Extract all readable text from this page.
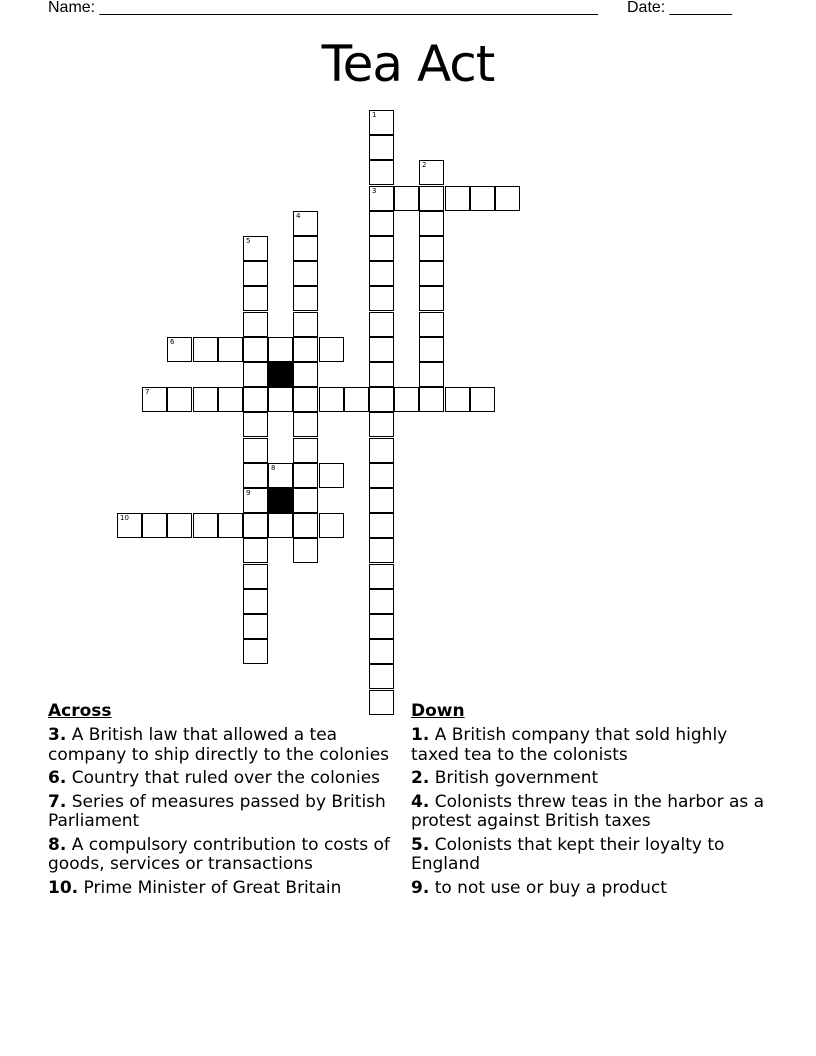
Name: ________________________________________________________ Date: _______
Tea Act
1
3
2
4
5
9
6
7
8
10
Across
3. A British law that allowed a tea company to ship directly to the colonies
6. Country that ruled over the colonies
7. Series of measures passed by British Parliament
8. A compulsory contribution to costs of goods, services or transactions
10. Prime Minister of Great Britain
Down
1. A British company that sold highly taxed tea to the colonists
2. British government
4. Colonists threw teas in the harbor as a protest against British taxes
5. Colonists that kept their loyalty to England
9. to not use or buy a product
